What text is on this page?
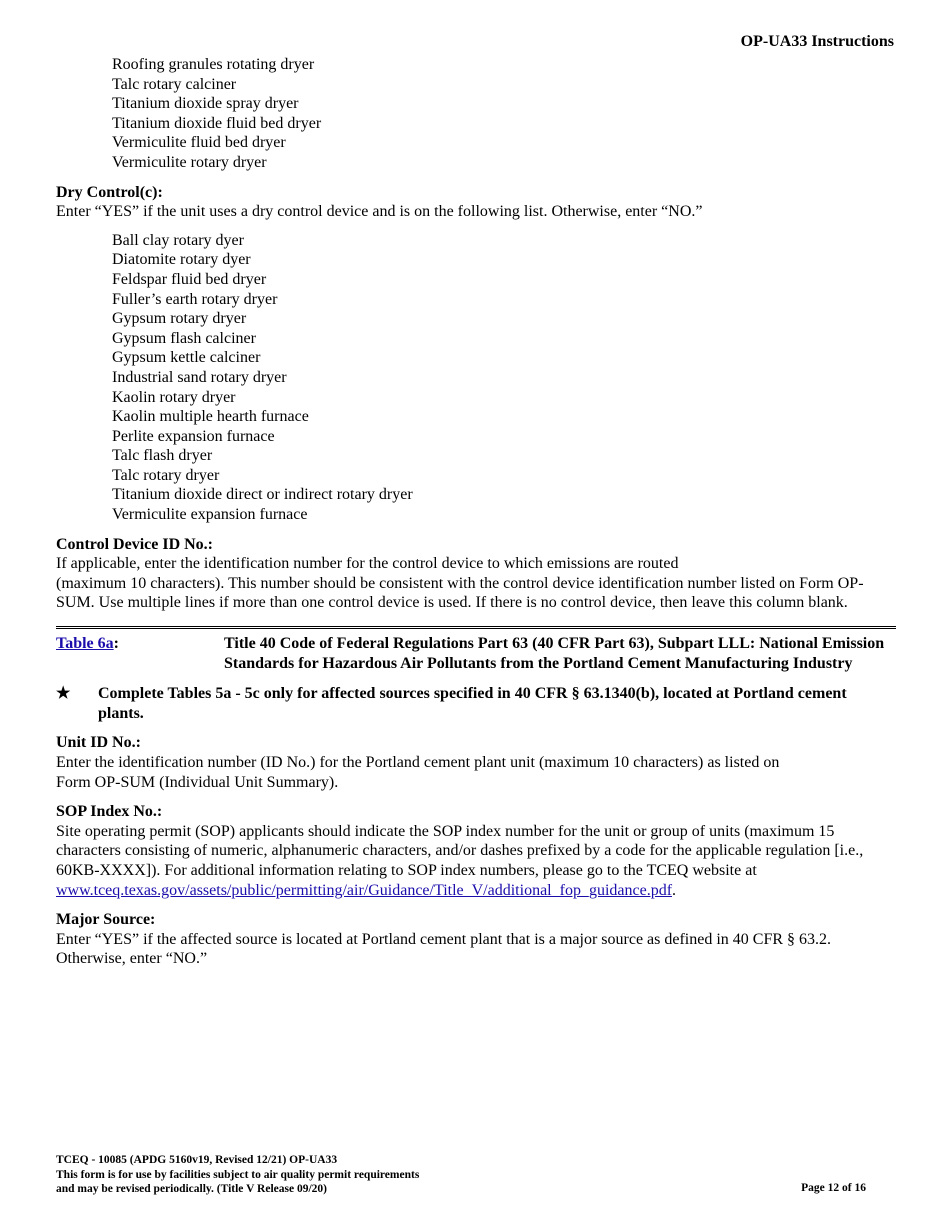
OP-UA33 Instructions
Roofing granules rotating dryer
Talc rotary calciner
Titanium dioxide spray dryer
Titanium dioxide fluid bed dryer
Vermiculite fluid bed dryer
Vermiculite rotary dryer
Dry Control(c):
Enter “YES” if the unit uses a dry control device and is on the following list. Otherwise, enter “NO.”
Ball clay rotary dyer
Diatomite rotary dyer
Feldspar fluid bed dryer
Fuller’s earth rotary dryer
Gypsum rotary dryer
Gypsum flash calciner
Gypsum kettle calciner
Industrial sand rotary dryer
Kaolin rotary dryer
Kaolin multiple hearth furnace
Perlite expansion furnace
Talc flash dryer
Talc rotary dryer
Titanium dioxide direct or indirect rotary dryer
Vermiculite expansion furnace
Control Device ID No.:
If applicable, enter the identification number for the control device to which emissions are routed
(maximum 10 characters). This number should be consistent with the control device identification number listed on Form OP-SUM. Use multiple lines if more than one control device is used. If there is no control device, then leave this column blank.
Table 6a:	Title 40 Code of Federal Regulations Part 63 (40 CFR Part 63), Subpart LLL: National Emission Standards for Hazardous Air Pollutants from the Portland Cement Manufacturing Industry
★	Complete Tables 5a - 5c only for affected sources specified in 40 CFR § 63.1340(b), located at Portland cement plants.
Unit ID No.:
Enter the identification number (ID No.) for the Portland cement plant unit (maximum 10 characters) as listed on
Form OP-SUM (Individual Unit Summary).
SOP Index No.:
Site operating permit (SOP) applicants should indicate the SOP index number for the unit or group of units (maximum 15 characters consisting of numeric, alphanumeric characters, and/or dashes prefixed by a code for the applicable regulation [i.e., 60KB-XXXX]). For additional information relating to SOP index numbers, please go to the TCEQ website at www.tceq.texas.gov/assets/public/permitting/air/Guidance/Title_V/additional_fop_guidance.pdf.
Major Source:
Enter “YES” if the affected source is located at Portland cement plant that is a major source as defined in 40 CFR § 63.2. Otherwise, enter “NO.”
TCEQ - 10085 (APDG 5160v19, Revised 12/21) OP-UA33
This form is for use by facilities subject to air quality permit requirements
and may be revised periodically. (Title V Release 09/20)	Page 12 of 16
